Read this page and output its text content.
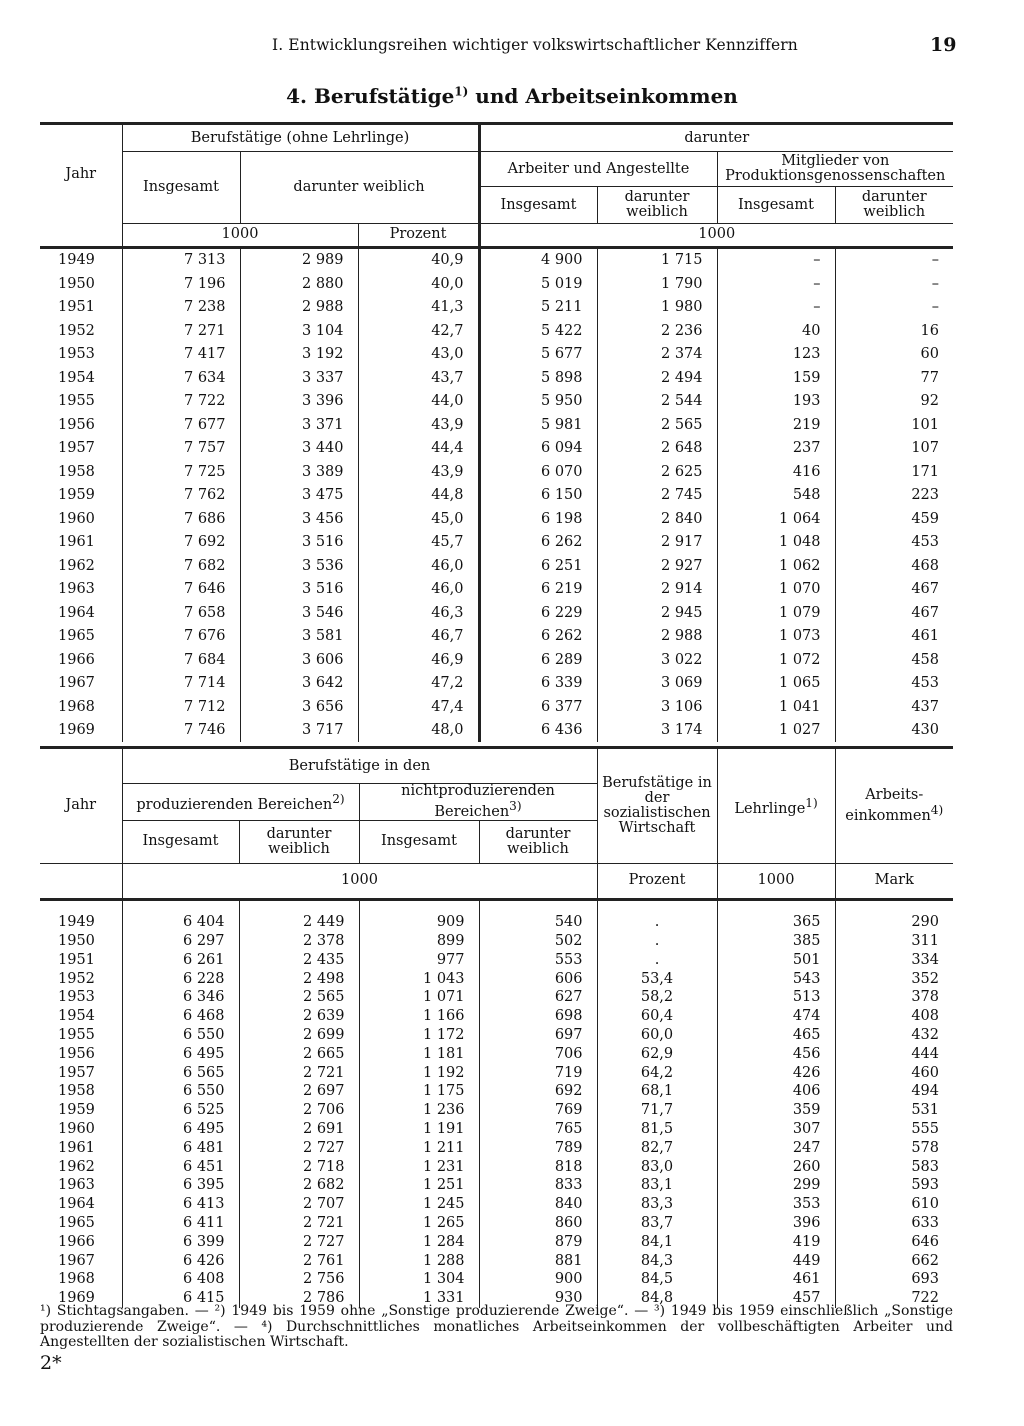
I. Entwicklungsreihen wichtiger volkswirtschaftlicher Kennziffern	19
4. Berufstätige$^{1)}$ und Arbeitseinkommen
Jahr	Berufstätige (ohne Lehrlinge)			darunter			
	Insgesamt	darunter weiblich		Arbeiter und Angestellte		Mitglieder von Produktionsgenossenschaften	
				Insgesamt	darunter weiblich	Insgesamt	darunter weiblich
	1000		Prozent	1000			
1949	7 313	2 989	40,9	4 900	1 715	–	–
1950	7 196	2 880	40,0	5 019	1 790	–	–
1951	7 238	2 988	41,3	5 211	1 980	–	–
1952	7 271	3 104	42,7	5 422	2 236	40	16
1953	7 417	3 192	43,0	5 677	2 374	123	60
1954	7 634	3 337	43,7	5 898	2 494	159	77
1955	7 722	3 396	44,0	5 950	2 544	193	92
1956	7 677	3 371	43,9	5 981	2 565	219	101
1957	7 757	3 440	44,4	6 094	2 648	237	107
1958	7 725	3 389	43,9	6 070	2 625	416	171
1959	7 762	3 475	44,8	6 150	2 745	548	223
1960	7 686	3 456	45,0	6 198	2 840	1 064	459
1961	7 692	3 516	45,7	6 262	2 917	1 048	453
1962	7 682	3 536	46,0	6 251	2 927	1 062	468
1963	7 646	3 516	46,0	6 219	2 914	1 070	467
1964	7 658	3 546	46,3	6 229	2 945	1 079	467
1965	7 676	3 581	46,7	6 262	2 988	1 073	461
1966	7 684	3 606	46,9	6 289	3 022	1 072	458
1967	7 714	3 642	47,2	6 339	3 069	1 065	453
1968	7 712	3 656	47,4	6 377	3 106	1 041	437
1969	7 746	3 717	48,0	6 436	3 174	1 027	430
Jahr	Berufstätige in den				Berufstätige in der sozialistischen Wirtschaft	Lehrlinge$^{1)}$	Arbeits- einkommen$^{4)}$
	produzierenden Bereichen$^{2)}$		nichtproduzierenden Bereichen$^{3)}$
	Insgesamt	darunter weiblich	Insgesamt	darunter weiblich			
	1000				Prozent	1000	Mark

1949	6 404	2 449	909	540	.	365	290
1950	6 297	2 378	899	502	.	385	311
1951	6 261	2 435	977	553	.	501	334
1952	6 228	2 498	1 043	606	53,4	543	352
1953	6 346	2 565	1 071	627	58,2	513	378
1954	6 468	2 639	1 166	698	60,4	474	408
1955	6 550	2 699	1 172	697	60,0	465	432
1956	6 495	2 665	1 181	706	62,9	456	444
1957	6 565	2 721	1 192	719	64,2	426	460
1958	6 550	2 697	1 175	692	68,1	406	494
1959	6 525	2 706	1 236	769	71,7	359	531
1960	6 495	2 691	1 191	765	81,5	307	555
1961	6 481	2 727	1 211	789	82,7	247	578
1962	6 451	2 718	1 231	818	83,0	260	583
1963	6 395	2 682	1 251	833	83,1	299	593
1964	6 413	2 707	1 245	840	83,3	353	610
1965	6 411	2 721	1 265	860	83,7	396	633
1966	6 399	2 727	1 284	879	84,1	419	646
1967	6 426	2 761	1 288	881	84,3	449	662
1968	6 408	2 756	1 304	900	84,5	461	693
1969	6 415	2 786	1 331	930	84,8	457	722
¹) Stichtagsangaben. — ²) 1949 bis 1959 ohne „Sonstige produzierende Zweige“. — ³) 1949 bis 1959 einschließlich „Sonstige produzierende Zweige“. — ⁴) Durchschnittliches monatliches Arbeitseinkommen der vollbeschäftigten Arbeiter und Angestellten der sozialistischen Wirtschaft.
2*
